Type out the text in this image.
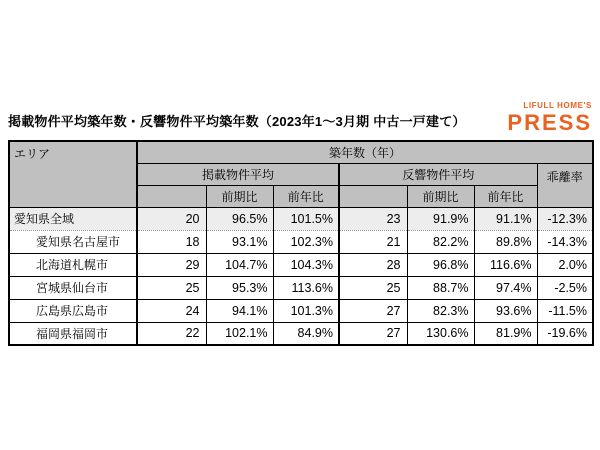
掲載物件平均築年数・反響物件平均築年数（2023年1～3月期 中古一戸建て）
LIFULL HOME'S
PRESS
エリア	築年数（年）						
	掲載物件平均			反響物件平均			乖離率
		前期比	前年比		前期比	前年比	
愛知県全域	20	96.5%	101.5%	23	91.9%	91.1%	-12.3%
愛知県名古屋市	18	93.1%	102.3%	21	82.2%	89.8%	-14.3%
北海道札幌市	29	104.7%	104.3%	28	96.8%	116.6%	2.0%
宮城県仙台市	25	95.3%	113.6%	25	88.7%	97.4%	-2.5%
広島県広島市	24	94.1%	101.3%	27	82.3%	93.6%	-11.5%
福岡県福岡市	22	102.1%	84.9%	27	130.6%	81.9%	-19.6%
